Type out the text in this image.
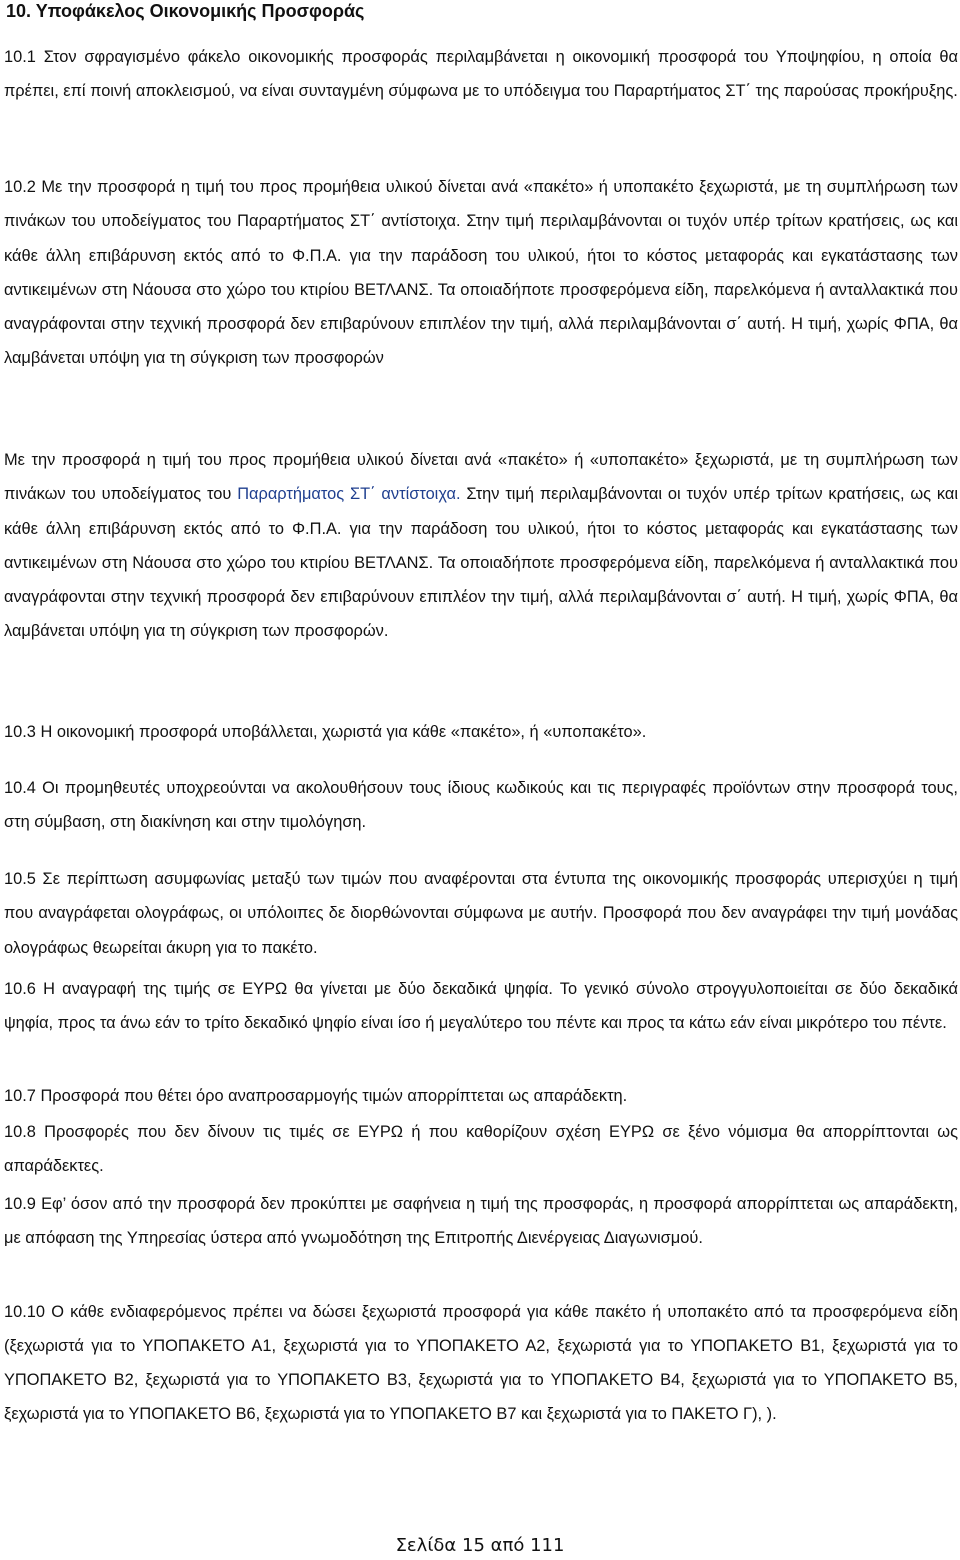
10. Υποφάκελος Οικονομικής Προσφοράς

10.1 Στον σφραγισμένο φάκελο οικονομικής προσφοράς περιλαμβάνεται η οικονομική προσφορά του Υποψηφίου, η οποία θα πρέπει, επί ποινή αποκλεισμού, να είναι συνταγμένη σύμφωνα με το υπόδειγμα του Παραρτήματος ΣΤ΄ της παρούσας προκήρυξης.

10.2 Με την προσφορά η τιμή του προς προμήθεια υλικού δίνεται ανά «πακέτο» ή υποπακέτο ξεχωριστά, με τη συμπλήρωση των πινάκων του υποδείγματος του Παραρτήματος ΣΤ΄ αντίστοιχα. Στην τιμή περιλαμβάνονται οι τυχόν υπέρ τρίτων κρατήσεις, ως και κάθε άλλη επιβάρυνση εκτός από το Φ.Π.Α. για την παράδοση του υλικού, ήτοι το κόστος μεταφοράς και εγκατάστασης των αντικειμένων στη Νάουσα στο χώρο του κτιρίου ΒΕΤΛΑΝΣ. Τα οποιαδήποτε προσφερόμενα είδη, παρελκόμενα ή ανταλλακτικά που αναγράφονται στην τεχνική προσφορά δεν επιβαρύνουν επιπλέον την τιμή, αλλά περιλαμβάνονται σ΄ αυτή. Η τιμή, χωρίς ΦΠΑ, θα λαμβάνεται υπόψη για τη σύγκριση των προσφορών

Με την προσφορά η τιμή του προς προμήθεια υλικού δίνεται ανά «πακέτο» ή «υποπακέτο» ξεχωριστά, με τη συμπλήρωση των πινάκων του υποδείγματος του Παραρτήματος ΣΤ΄ αντίστοιχα. Στην τιμή περιλαμβάνονται οι τυχόν υπέρ τρίτων κρατήσεις, ως και κάθε άλλη επιβάρυνση εκτός από το Φ.Π.Α. για την παράδοση του υλικού, ήτοι το κόστος μεταφοράς και εγκατάστασης των αντικειμένων στη Νάουσα στο χώρο του κτιρίου ΒΕΤΛΑΝΣ. Τα οποιαδήποτε προσφερόμενα είδη, παρελκόμενα ή ανταλλακτικά που αναγράφονται στην τεχνική προσφορά δεν επιβαρύνουν επιπλέον την τιμή, αλλά περιλαμβάνονται σ΄ αυτή. Η τιμή, χωρίς ΦΠΑ, θα λαμβάνεται υπόψη για τη σύγκριση των προσφορών.

10.3 Η οικονομική προσφορά υποβάλλεται, χωριστά για κάθε «πακέτο», ή «υποπακέτο».

10.4 Οι προμηθευτές υποχρεούνται να ακολουθήσουν τους ίδιους κωδικούς και τις περιγραφές προϊόντων στην προσφορά τους, στη σύμβαση, στη διακίνηση και στην τιμολόγηση.

10.5 Σε περίπτωση ασυμφωνίας μεταξύ των τιμών που αναφέρονται στα έντυπα της οικονομικής προσφοράς υπερισχύει η τιμή που αναγράφεται ολογράφως, οι υπόλοιπες δε διορθώνονται σύμφωνα με αυτήν. Προσφορά που δεν αναγράφει την τιμή μονάδας ολογράφως θεωρείται άκυρη για το πακέτο.

10.6 Η αναγραφή της τιμής σε ΕΥΡΩ θα γίνεται με δύο δεκαδικά ψηφία. Το γενικό σύνολο στρογγυλοποιείται σε δύο δεκαδικά ψηφία, προς τα άνω εάν το τρίτο δεκαδικό ψηφίο είναι ίσο ή μεγαλύτερο του πέντε και προς τα κάτω εάν είναι μικρότερο του πέντε.

10.7 Προσφορά που θέτει όρο αναπροσαρμογής τιμών απορρίπτεται ως απαράδεκτη.

10.8 Προσφορές που δεν δίνουν τις τιμές σε ΕΥΡΩ ή που καθορίζουν σχέση ΕΥΡΩ σε ξένο νόμισμα θα απορρίπτονται ως απαράδεκτες.

10.9 Εφ’ όσον από την προσφορά δεν προκύπτει με σαφήνεια η τιμή της προσφοράς, η προσφορά απορρίπτεται ως απαράδεκτη, με απόφαση της Υπηρεσίας ύστερα από γνωμοδότηση της Επιτροπής Διενέργειας Διαγωνισμού.

10.10 Ο κάθε ενδιαφερόμενος πρέπει να δώσει ξεχωριστά προσφορά για κάθε πακέτο ή υποπακέτο από τα προσφερόμενα είδη (ξεχωριστά για το ΥΠΟΠΑΚΕΤΟ Α1, ξεχωριστά για το ΥΠΟΠΑΚΕΤΟ Α2, ξεχωριστά για το ΥΠΟΠΑΚΕΤΟ Β1, ξεχωριστά για το ΥΠΟΠΑΚΕΤΟ Β2, ξεχωριστά για το ΥΠΟΠΑΚΕΤΟ Β3, ξεχωριστά για το ΥΠΟΠΑΚΕΤΟ Β4, ξεχωριστά για το ΥΠΟΠΑΚΕΤΟ Β5, ξεχωριστά για το ΥΠΟΠΑΚΕΤΟ Β6, ξεχωριστά για το ΥΠΟΠΑΚΕΤΟ Β7 και ξεχωριστά για το ΠΑΚΕΤΟ Γ), ).

Σελίδα 15 από 111
